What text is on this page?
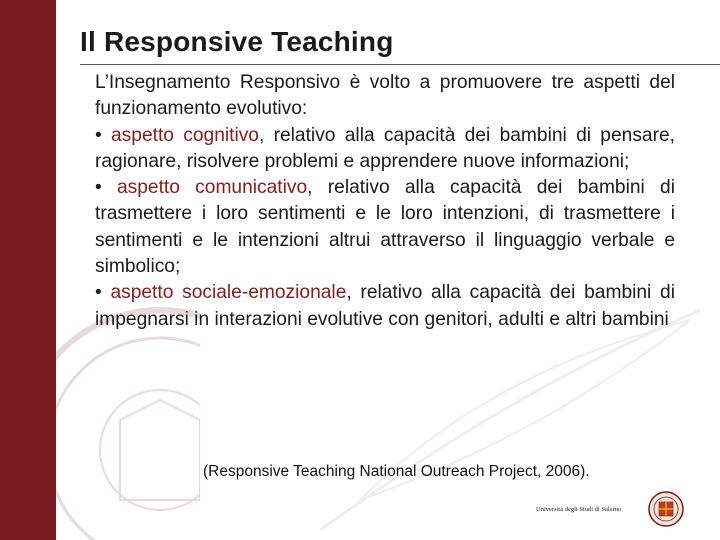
Il Responsive Teaching

L’Insegnamento Responsivo è volto a promuovere tre aspetti del funzionamento evolutivo:

• aspetto cognitivo, relativo alla capacità dei bambini di pensare, ragionare, risolvere problemi e apprendere nuove informazioni;

• aspetto comunicativo, relativo alla capacità dei bambini di trasmettere i loro sentimenti e le loro intenzioni, di trasmettere i sentimenti e le intenzioni altrui attraverso il linguaggio verbale e simbolico;

• aspetto sociale-emozionale, relativo alla capacità dei bambini di impegnarsi in interazioni evolutive con genitori, adulti e altri bambini

(Responsive Teaching National Outreach Project, 2006).

Università degli Studi di Salerno
